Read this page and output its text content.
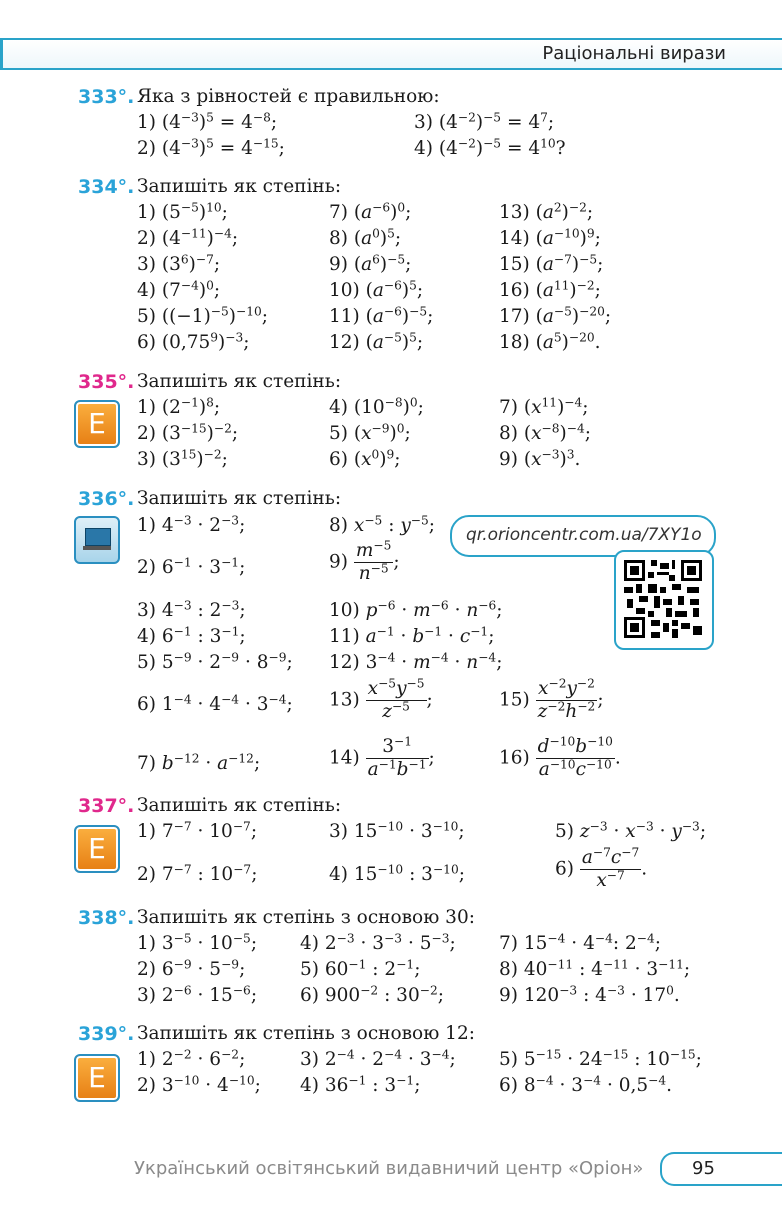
Раціональні вирази
333°. Яка з рівностей є правильною:
1) $(4^{-3})^5 = 4^{-8}$;	3) $(4^{-2})^{-5} = 4^7$;
2) $(4^{-3})^5 = 4^{-15}$;	4) $(4^{-2})^{-5} = 4^{10}$?
334°. Запишіть як степінь:
1) $(5^{-5})^{10}$;	7) $(a^{-6})^0$;	13) $(a^2)^{-2}$;
2) $(4^{-11})^{-4}$;	8) $(a^0)^5$;	14) $(a^{-10})^9$;
3) $(3^6)^{-7}$;	9) $(a^6)^{-5}$;	15) $(a^{-7})^{-5}$;
4) $(7^{-4})^0$;	10) $(a^{-6})^5$;	16) $(a^{11})^{-2}$;
5) $((-1)^{-5})^{-10}$;	11) $(a^{-6})^{-5}$;	17) $(a^{-5})^{-20}$;
6) $(0,75^9)^{-3}$;	12) $(a^{-5})^5$;	18) $(a^5)^{-20}$.
335°. Запишіть як степінь:
E	1) $(2^{-1})^8$;	4) $(10^{-8})^0$;	7) $(x^{11})^{-4}$;
2) $(3^{-15})^{-2}$;	5) $(x^{-9})^0$;	8) $(x^{-8})^{-4}$;
3) $(3^{15})^{-2}$;	6) $(x^0)^9$;	9) $(x^{-3})^3$.
336°. Запишіть як степінь:
1) $4^{-3} \cdot 2^{-3}$;	8) $x^{-5}$ : $y^{-5}$;
2) $6^{-1} \cdot 3^{-1}$;	$9) \frac{m^{-5}}{n^{-5}}$ ;
3) $4^{-3}$ : $2^{-3}$;	10) $p^{-6} \cdot m^{-6} \cdot n^{-6}$;
4) $6^{-1}$ : $3^{-1}$;	11) $a^{-1} \cdot b^{-1} \cdot c^{-1}$;
5) $5^{-9} \cdot 2^{-9} \cdot 8^{-9}$; 12) $3^{-4} \cdot m^{-4} \cdot n^{-4}$;
6) $1^{-4} \cdot 4^{-4} \cdot 3^{-4}$; $13) \frac{x^{-5}y^{-5}}{z^{-5}}$ ;	$15) \frac{x^{-2}y^{-2}}{z^{-2}h^{-2}}$ ;
7) $b^{-12} \cdot a^{-12}$;	$14) \frac{3^{-1}}{a^{-1}b^{-1}}$ ;	$16) \frac{d^{-10}b^{-10}}{a^{-10}c^{-10}}$ .
qr.orioncentr.com.ua/7XY1o
337°. Запишіть як степінь:
E
1) $7^{-7} \cdot 10^{-7}$;	3) $15^{-10} \cdot 3^{-10}$;	5) $z^{-3} \cdot x^{-3} \cdot y^{-3}$;
2) $7^{-7}$ : $10^{-7}$;	4) $15^{-10}$ : $3^{-10}$;	$6) \frac{a^{-7}c^{-7}}{x^{-7}}$ .
338°. Запишіть як степінь з основою 30:
1) $3^{-5} \cdot 10^{-5}$; 4) $2^{-3} \cdot 3^{-3} \cdot 5^{-3}$; 7) $15^{-4} \cdot 4^{-4}$: $2^{-4}$;
2) $6^{-9} \cdot 5^{-9}$;	5) $60^{-1}$ : $2^{-1}$;	8) $40^{-11}$ : $4^{-11} \cdot 3^{-11}$;
3) $2^{-6} \cdot 15^{-6}$; 6) $900^{-2}$ : $30^{-2}$;	9) $120^{-3}$ : $4^{-3} \cdot 17^0$.
339°. Запишіть як степінь з основою 12:
E
1) $2^{-2} \cdot 6^{-2}$;	3) $2^{-4} \cdot 2^{-4} \cdot 3^{-4}$; 5) $5^{-15} \cdot 24^{-15}$ : $10^{-15}$;
2) $3^{-10} \cdot 4^{-10}$; 4) $36^{-1}$ : $3^{-1}$;	6) $8^{-4} \cdot 3^{-4} \cdot 0,5^{-4}$.
Український освітянський видавничий центр «Оріон»	95
